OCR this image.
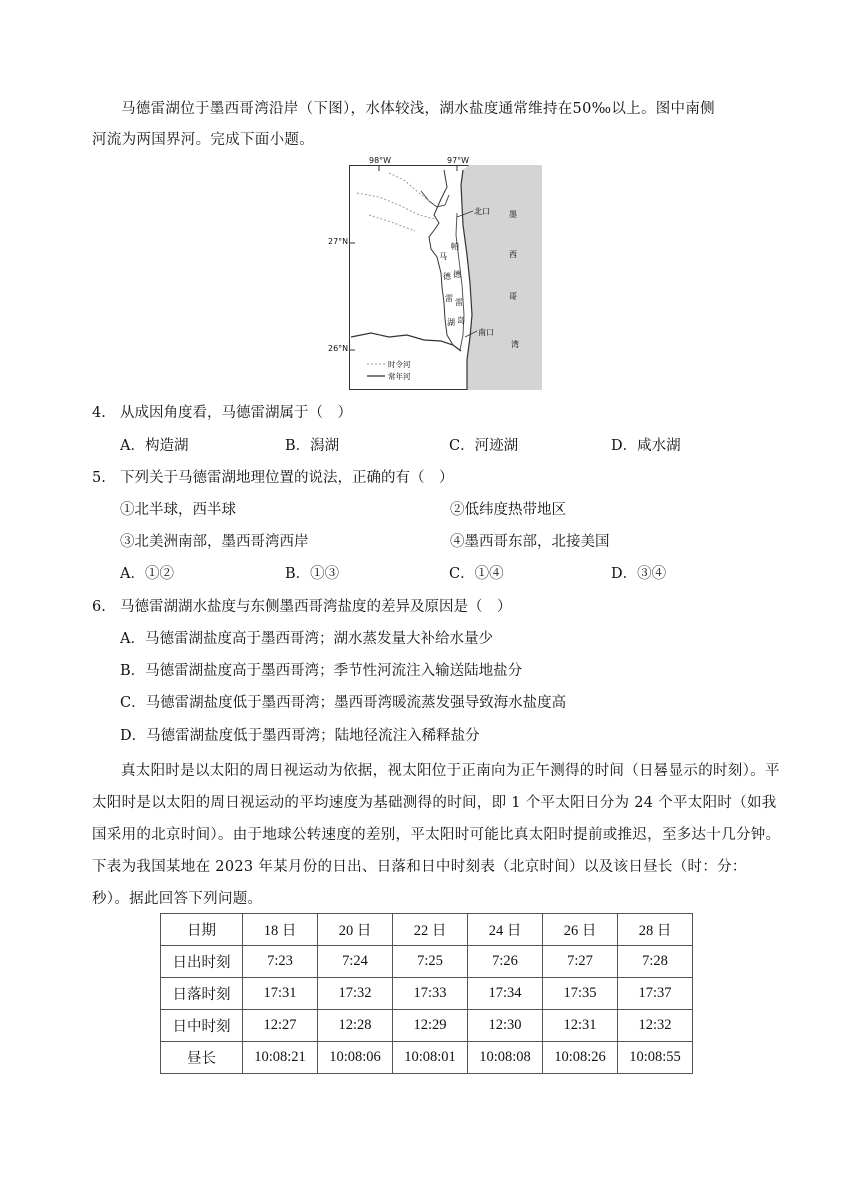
马德雷湖位于墨西哥湾沿岸（下图），水体较浅，湖水盐度通常维持在50‰以上。图中南侧
河流为两国界河。完成下面小题。
北口
南口
帕
德
雷
岛
马
德
雷
湖
墨
西
哥
湾
时令河
常年河
97°W
98°W
27°N
26°N
4. 从成因角度看，马德雷湖属于（　）
A．构造湖	B．潟湖	C．河迹湖	D．咸水湖
5. 下列关于马德雷湖地理位置的说法，正确的有（　）
①北半球，西半球	②低纬度热带地区
③北美洲南部，墨西哥湾西岸	④墨西哥东部，北接美国
A．①②	B．①③	C．①④	D．③④
6. 马德雷湖湖水盐度与东侧墨西哥湾盐度的差异及原因是（　）
A．马德雷湖盐度高于墨西哥湾；湖水蒸发量大补给水量少
B．马德雷湖盐度高于墨西哥湾；季节性河流注入输送陆地盐分
C．马德雷湖盐度低于墨西哥湾；墨西哥湾暖流蒸发强导致海水盐度高
D．马德雷湖盐度低于墨西哥湾；陆地径流注入稀释盐分
真太阳时是以太阳的周日视运动为依据，视太阳位于正南向为正午测得的时间（日晷显示的时刻）。平太阳时是以太阳的周日视运动的平均速度为基础测得的时间，即 1 个平太阳日分为 24 个平太阳时（如我国采用的北京时间）。由于地球公转速度的差别，平太阳时可能比真太阳时提前或推迟，至多达十几分钟。下表为我国某地在 2023 年某月份的日出、日落和日中时刻表（北京时间）以及该日昼长（时：分：秒）。据此回答下列问题。
日期	18 日	20 日	22 日	24 日	26 日	28 日
日出时刻	7:23	7:24	7:25	7:26	7:27	7:28
日落时刻	17:31	17:32	17:33	17:34	17:35	17:37
日中时刻	12:27	12:28	12:29	12:30	12:31	12:32
昼长	10:08:21	10:08:06	10:08:01	10:08:08	10:08:26	10:08:55
